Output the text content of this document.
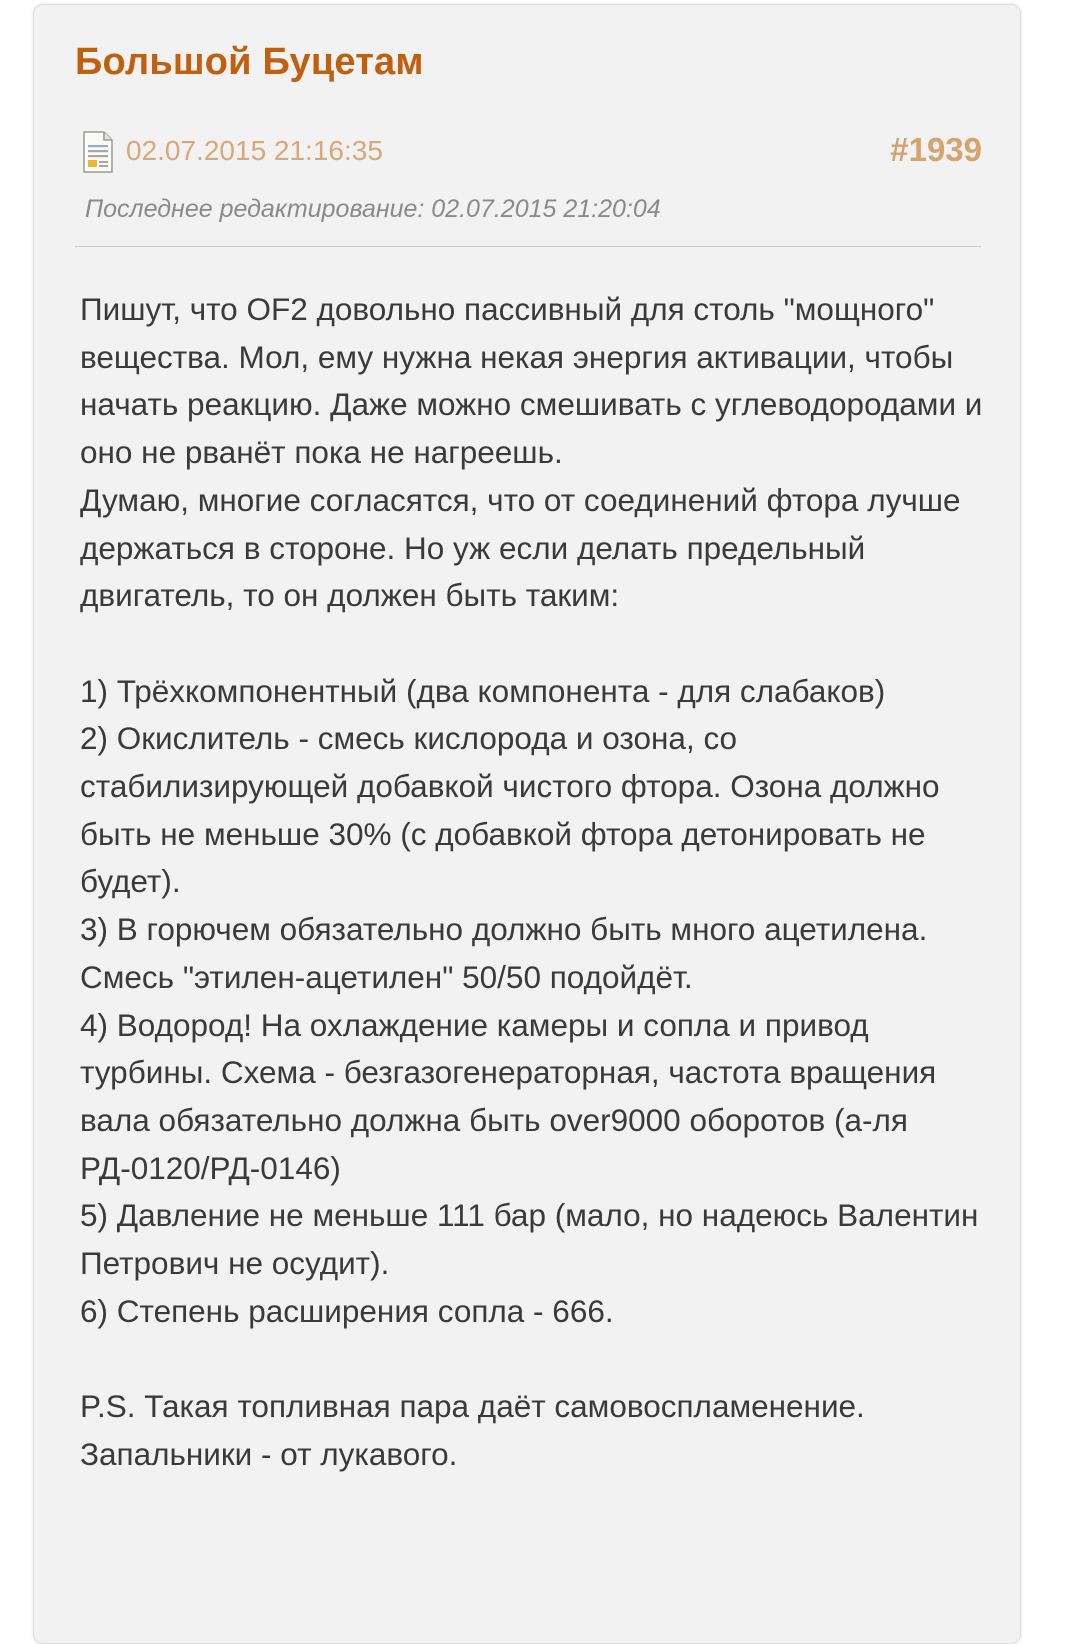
Большой Буцетам
02.07.2015 21:16:35	#1939
Последнее редактирование: 02.07.2015 21:20:04

Пишут, что OF2 довольно пассивный для столь "мощного" вещества. Мол, ему нужна некая энергия активации, чтобы начать реакцию. Даже можно смешивать с углеводородами и оно не рванёт пока не нагреешь.

Думаю, многие согласятся, что от соединений фтора лучше держаться в стороне. Но уж если делать предельный двигатель, то он должен быть таким:

1) Трёхкомпонентный (два компонента - для слабаков)

2) Окислитель - смесь кислорода и озона, со стабилизирующей добавкой чистого фтора. Озона должно быть не меньше 30% (с добавкой фтора детонировать не будет).

3) В горючем обязательно должно быть много ацетилена. Смесь "этилен-ацетилен" 50/50 подойдёт.

4) Водород! На охлаждение камеры и сопла и привод турбины. Схема - безгазогенераторная, частота вращения вала обязательно должна быть over9000 оборотов (а-ля РД-0120/РД-0146)

5) Давление не меньше 111 бар (мало, но надеюсь Валентин Петрович не осудит).

6) Степень расширения сопла - 666.

P.S. Такая топливная пара даёт самовоспламенение. Запальники - от лукавого.
